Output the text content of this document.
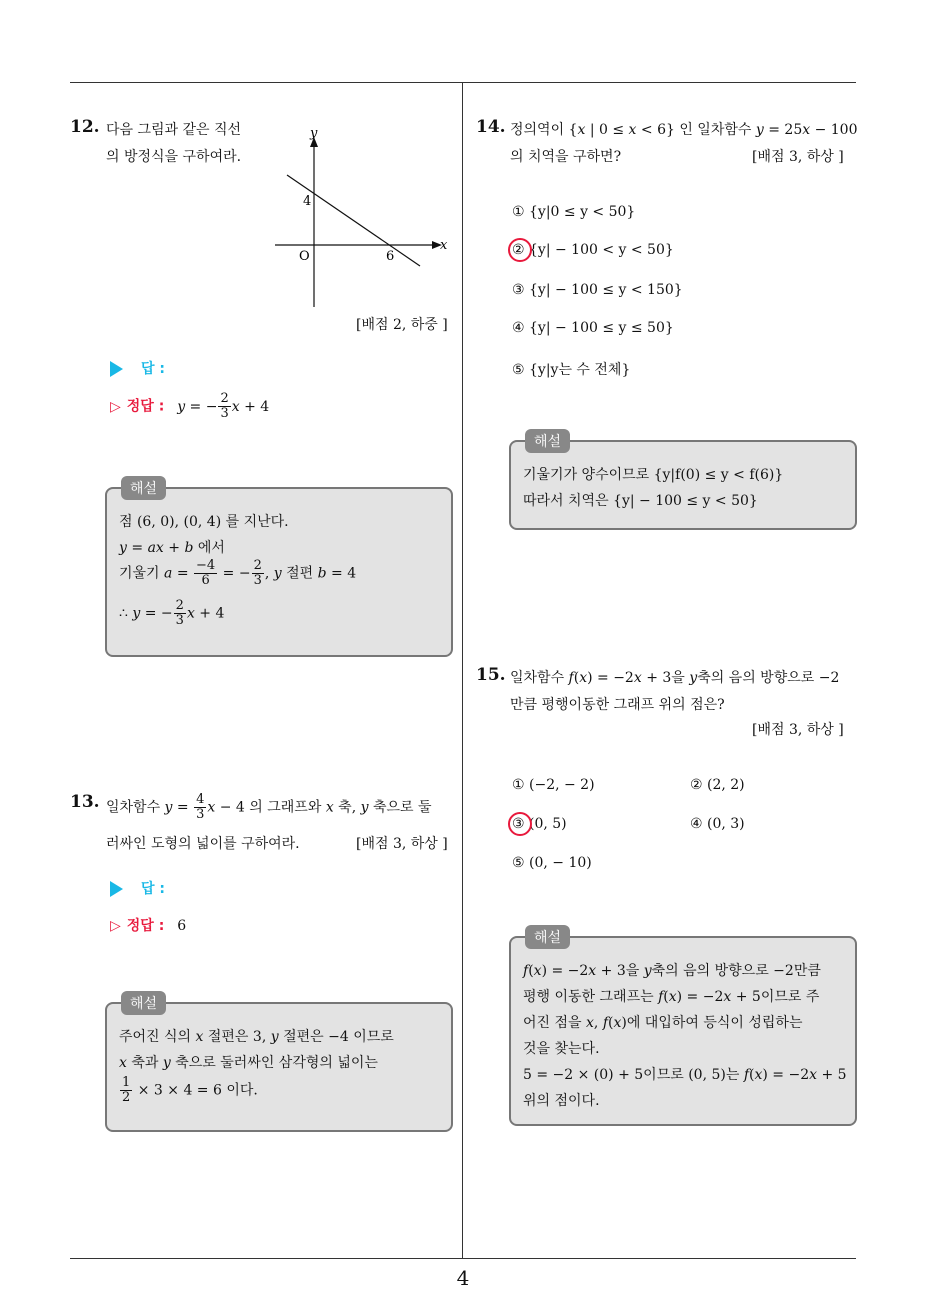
4
12. 다음 그림과 같은 직선
의 방정식을 구하여라.
y
x
O
4
6
[배점 2, 하중 ]
답 :
▷ 정답 : y = − $\frac{2}{3}$ x + 4
해설
점 (6, 0), (0, 4) 를 지난다.
y = ax + b 에서
기울기 $a = \frac{-4}{6}$ = − $\frac{2}{3}$ , y 절편 b = 4
∴ y = − $\frac{2}{3}$ x + 4
13. 일차함수 $y = \frac{4}{3}$ x − 4 의 그래프와 x 축, y 축으로 둘
러싸인 도형의 넓이를 구하여라.	[배점 3, 하상 ]
답 :
▷ 정답 : 6
해설
주어진 식의 x 절편은 3, y 절편은 −4 이므로
x 축과 y 축으로 둘러싸인 삼각형의 넓이는
$\frac{1}{2} \times 3 \times 4 = 6$ 이다.
14. 정의역이 {x | 0 ≤ x < 6} 인 일차함수 y = 25x − 100
의 치역을 구하면?	[배점 3, 하상 ]
① {y|0 ≤ y < 50}
② {y| − 100 < y < 50}
③ {y| − 100 ≤ y < 150}
④ {y| − 100 ≤ y ≤ 50}
⑤ {y|y는 수 전체}
해설
기울기가 양수이므로 {y|f(0) ≤ y < f(6)}
따라서 치역은 {y| − 100 ≤ y < 50}
15. 일차함수 f(x) = −2x + 3을 y축의 음의 방향으로 −2
만큼 평행이동한 그래프 위의 점은?
[배점 3, 하상 ]
① (−2, − 2)	② (2, 2)
③ (0, 5)	④ (0, 3)
⑤ (0, − 10)
해설
f(x) = −2x + 3을 y축의 음의 방향으로 −2만큼
평행 이동한 그래프는 f(x) = −2x + 5이므로 주
어진 점을 x, f(x)에 대입하여 등식이 성립하는
것을 찾는다.
5 = −2 × (0) + 5이므로 (0, 5)는 f(x) = −2x + 5
위의 점이다.
